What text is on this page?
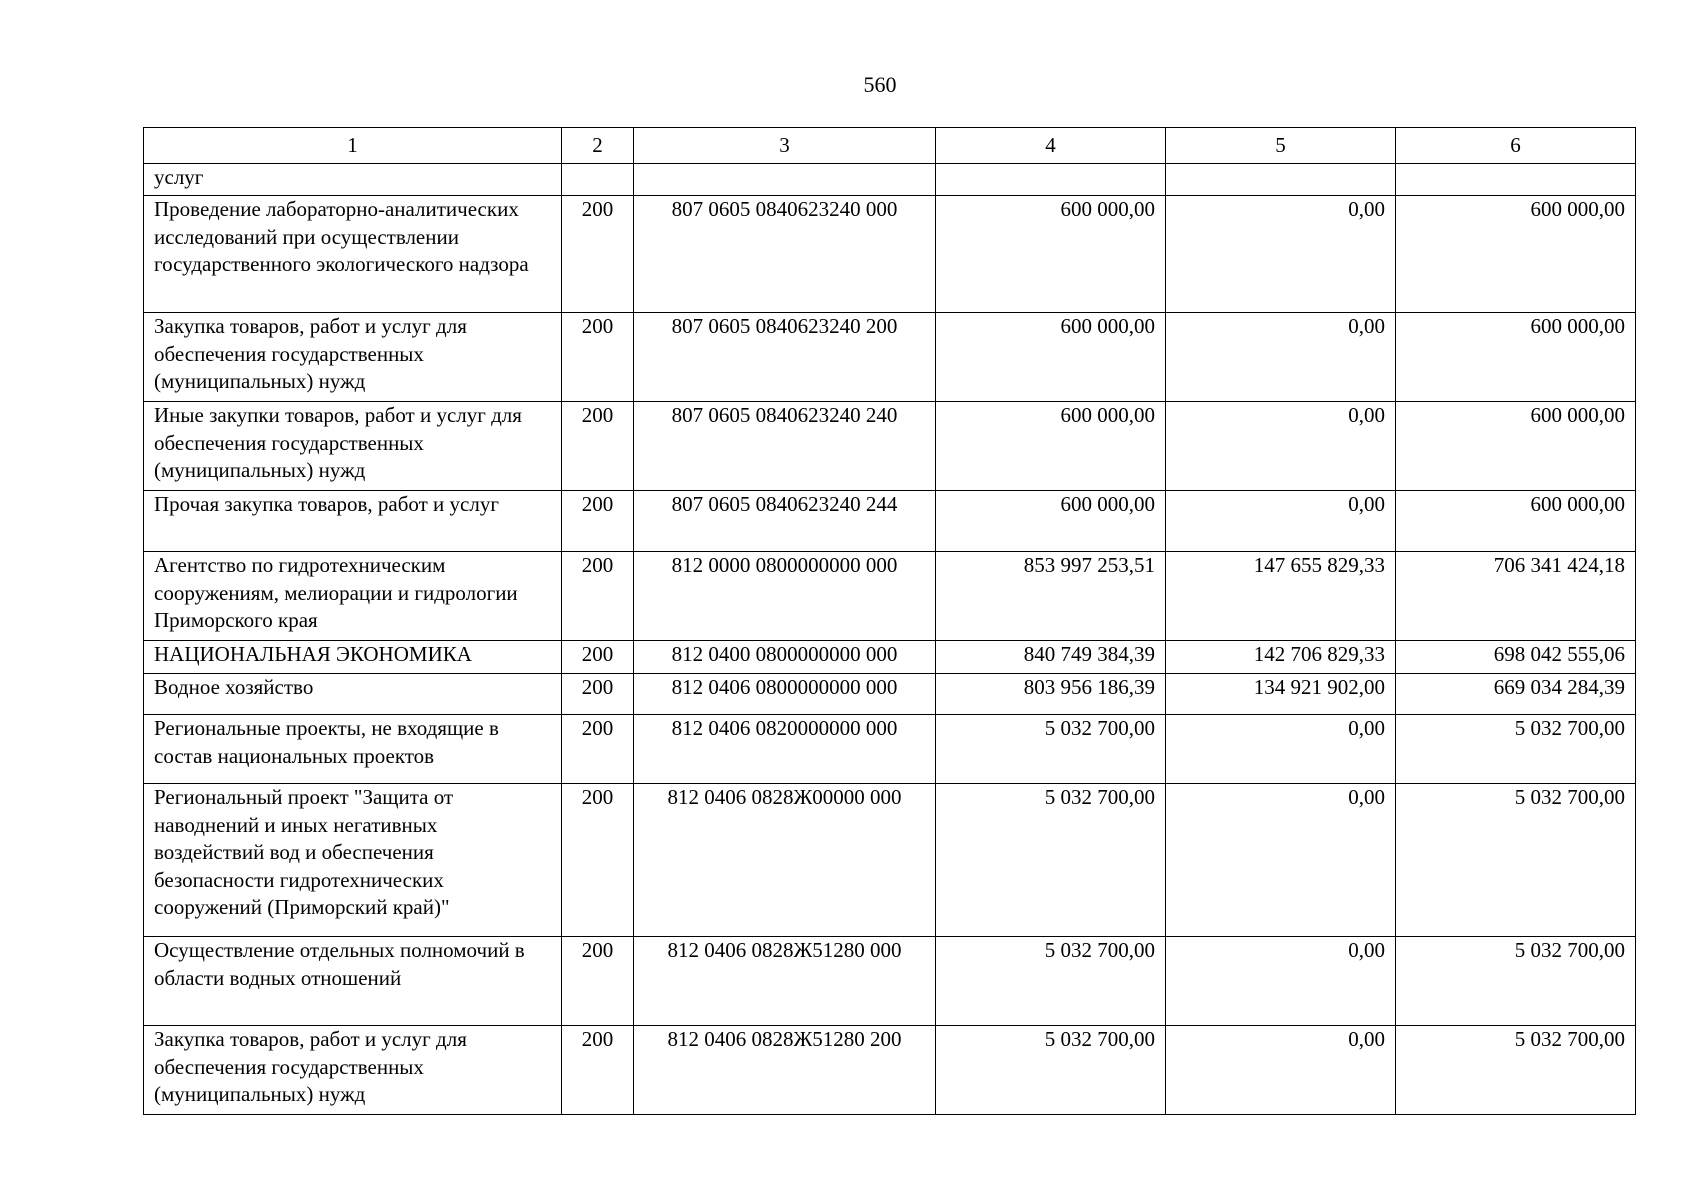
560
1	2	3	4	5	6
услуг					
Проведение лабораторно-аналитических исследований при осуществлении государственного экологического надзора	200	807 0605 0840623240 000	600 000,00	0,00	600 000,00
Закупка товаров, работ и услуг для обеспечения государственных (муниципальных) нужд	200	807 0605 0840623240 200	600 000,00	0,00	600 000,00
Иные закупки товаров, работ и услуг для обеспечения государственных (муниципальных) нужд	200	807 0605 0840623240 240	600 000,00	0,00	600 000,00
Прочая закупка товаров, работ и услуг	200	807 0605 0840623240 244	600 000,00	0,00	600 000,00
Агентство по гидротехническим сооружениям, мелиорации и гидрологии Приморского края	200	812 0000 0800000000 000	853 997 253,51	147 655 829,33	706 341 424,18
НАЦИОНАЛЬНАЯ ЭКОНОМИКА	200	812 0400 0800000000 000	840 749 384,39	142 706 829,33	698 042 555,06
Водное хозяйство	200	812 0406 0800000000 000	803 956 186,39	134 921 902,00	669 034 284,39
Региональные проекты, не входящие в состав национальных проектов	200	812 0406 0820000000 000	5 032 700,00	0,00	5 032 700,00
Региональный проект "Защита от наводнений и иных негативных воздействий вод и обеспечения безопасности гидротехнических сооружений (Приморский край)"	200	812 0406 0828Ж00000 000	5 032 700,00	0,00	5 032 700,00
Осуществление отдельных полномочий в области водных отношений	200	812 0406 0828Ж51280 000	5 032 700,00	0,00	5 032 700,00
Закупка товаров, работ и услуг для обеспечения государственных (муниципальных) нужд	200	812 0406 0828Ж51280 200	5 032 700,00	0,00	5 032 700,00
